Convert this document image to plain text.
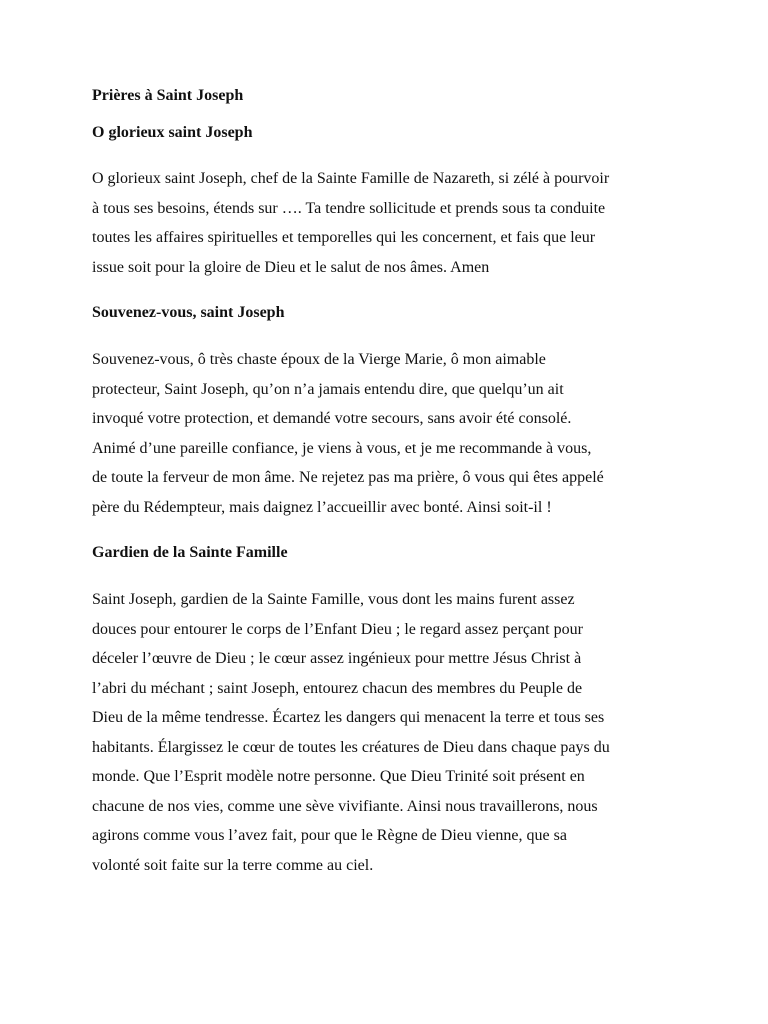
Prières à Saint Joseph
O glorieux saint Joseph
O glorieux saint Joseph, chef de la Sainte Famille de Nazareth, si zélé à pourvoir
à tous ses besoins, étends sur …. Ta tendre sollicitude et prends sous ta conduite
toutes les affaires spirituelles et temporelles qui les concernent, et fais que leur
issue soit pour la gloire de Dieu et le salut de nos âmes. Amen
Souvenez-vous, saint Joseph
Souvenez-vous, ô très chaste époux de la Vierge Marie, ô mon aimable
protecteur, Saint Joseph, qu’on n’a jamais entendu dire, que quelqu’un ait
invoqué votre protection, et demandé votre secours, sans avoir été consolé.
Animé d’une pareille confiance, je viens à vous, et je me recommande à vous,
de toute la ferveur de mon âme. Ne rejetez pas ma prière, ô vous qui êtes appelé
père du Rédempteur, mais daignez l’accueillir avec bonté. Ainsi soit-il !
Gardien de la Sainte Famille
Saint Joseph, gardien de la Sainte Famille, vous dont les mains furent assez
douces pour entourer le corps de l’Enfant Dieu ; le regard assez perçant pour
déceler l’œuvre de Dieu ; le cœur assez ingénieux pour mettre Jésus Christ à
l’abri du méchant ; saint Joseph, entourez chacun des membres du Peuple de
Dieu de la même tendresse. Écartez les dangers qui menacent la terre et tous ses
habitants. Élargissez le cœur de toutes les créatures de Dieu dans chaque pays du
monde. Que l’Esprit modèle notre personne. Que Dieu Trinité soit présent en
chacune de nos vies, comme une sève vivifiante. Ainsi nous travaillerons, nous
agirons comme vous l’avez fait, pour que le Règne de Dieu vienne, que sa
volonté soit faite sur la terre comme au ciel.
